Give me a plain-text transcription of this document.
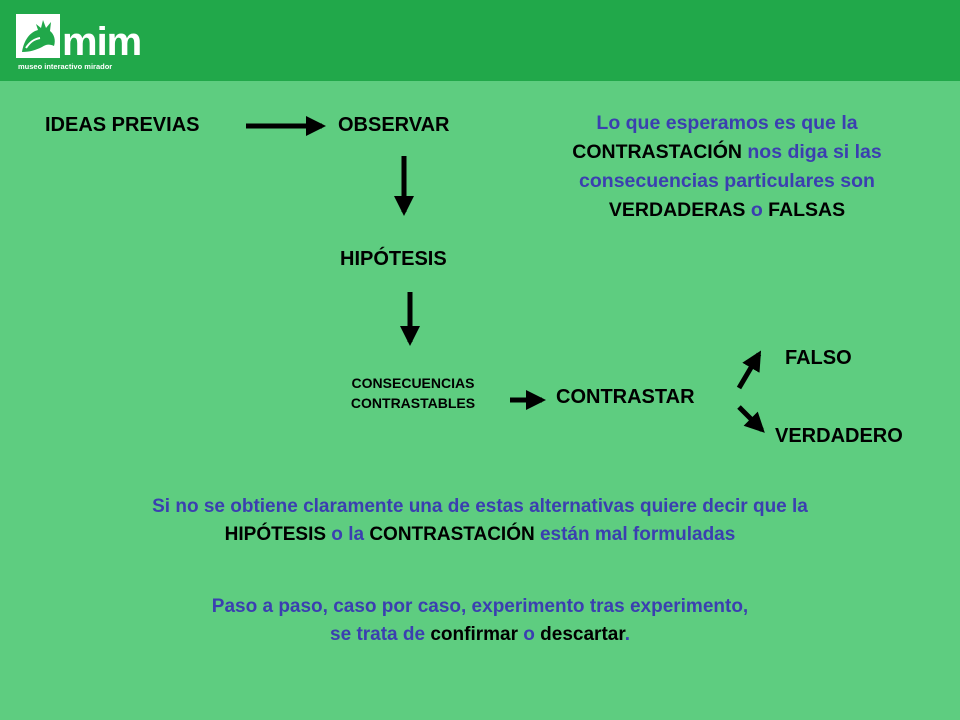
mim
museo interactivo mirador
IDEAS PREVIAS	OBSERVAR
HIPÓTESIS
CONSECUENCIAS
CONTRASTABLES	CONTRASTAR
FALSO
VERDADERO
Lo que esperamos es que la
CONTRASTACIÓN nos diga si las
consecuencias particulares son
VERDADERAS o FALSAS
Si no se obtiene claramente una de estas alternativas quiere decir que la
HIPÓTESIS o la CONTRASTACIÓN están mal formuladas
Paso a paso, caso por caso, experimento tras experimento,
se trata de confirmar o descartar.
